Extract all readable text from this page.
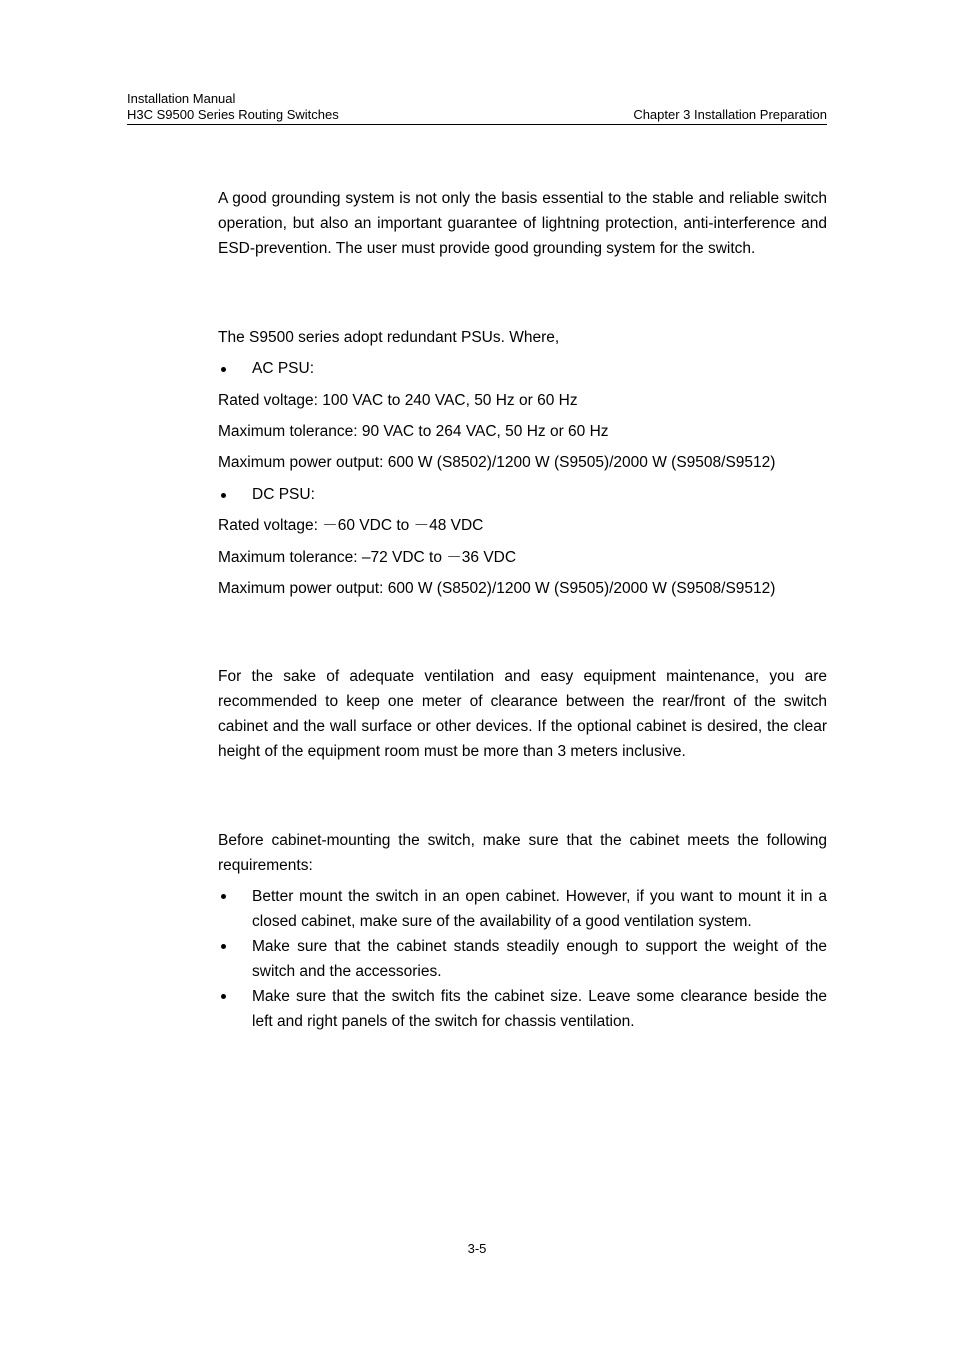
Installation Manual
H3C S9500 Series Routing Switches	Chapter 3 Installation Preparation
A good grounding system is not only the basis essential to the stable and reliable switch operation, but also an important guarantee of lightning protection, anti-interference and ESD-prevention. The user must provide good grounding system for the switch.
The S9500 series adopt redundant PSUs. Where,
AC PSU:
Rated voltage: 100 VAC to 240 VAC, 50 Hz or 60 Hz
Maximum tolerance: 90 VAC to 264 VAC, 50 Hz or 60 Hz
Maximum power output: 600 W (S8502)/1200 W (S9505)/2000 W (S9508/S9512)
DC PSU:
Rated voltage: －60 VDC to －48 VDC
Maximum tolerance: –72 VDC to －36 VDC
Maximum power output: 600 W (S8502)/1200 W (S9505)/2000 W (S9508/S9512)
For the sake of adequate ventilation and easy equipment maintenance, you are recommended to keep one meter of clearance between the rear/front of the switch cabinet and the wall surface or other devices. If the optional cabinet is desired, the clear height of the equipment room must be more than 3 meters inclusive.
Before cabinet-mounting the switch, make sure that the cabinet meets the following requirements:
Better mount the switch in an open cabinet. However, if you want to mount it in a closed cabinet, make sure of the availability of a good ventilation system.
Make sure that the cabinet stands steadily enough to support the weight of the switch and the accessories.
Make sure that the switch fits the cabinet size. Leave some clearance beside the left and right panels of the switch for chassis ventilation.
3-5
